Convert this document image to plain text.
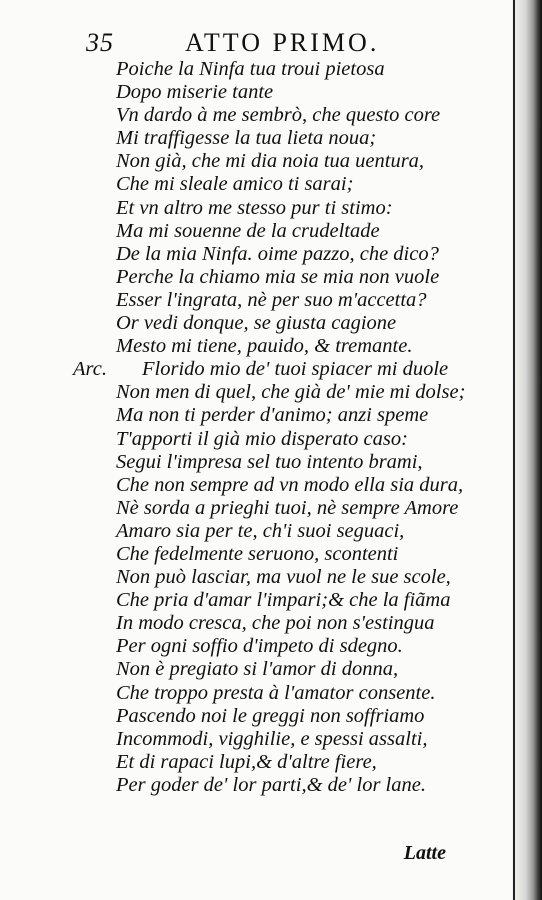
35	ATTO PRIMO.
Poiche la Ninfa tua troui pietosa
Dopo miserie tante
Vn dardo à me sembrò, che questo core
Mi traffigesse la tua lieta noua;
Non già, che mi dia noia tua uentura,
Che mi sleale amico ti sarai;
Et vn altro me stesso pur ti stimo:
Ma mi souenne de la crudeltade
De la mia Ninfa. oime pazzo, che dico?
Perche la chiamo mia se mia non vuole
Esser l'ingrata, nè per suo m'accetta?
Or vedi donque, se giusta cagione
Mesto mi tiene, pauido, & tremante.
Arc. Florido mio de' tuoi spiacer mi duole
Non men di quel, che già de' mie mi dolse;
Ma non ti perder d'animo; anzi speme
T'apporti il già mio disperato caso:
Segui l'impresa sel tuo intento brami,
Che non sempre ad vn modo ella sia dura,
Nè sorda a prieghi tuoi, nè sempre Amore
Amaro sia per te, ch'i suoi seguaci,
Che fedelmente seruono, scontenti
Non può lasciar, ma vuol ne le sue scole,
Che pria d'amar l'impari;& che la fiãma
In modo cresca, che poi non s'estingua
Per ogni soffio d'impeto di sdegno.
Non è pregiato si l'amor di donna,
Che troppo presta à l'amator consente.
Pascendo noi le greggi non soffriamo
Incommodi, vigghilie, e spessi assalti,
Et di rapaci lupi,& d'altre fiere,
Per goder de' lor parti,& de' lor lane.
Latte
